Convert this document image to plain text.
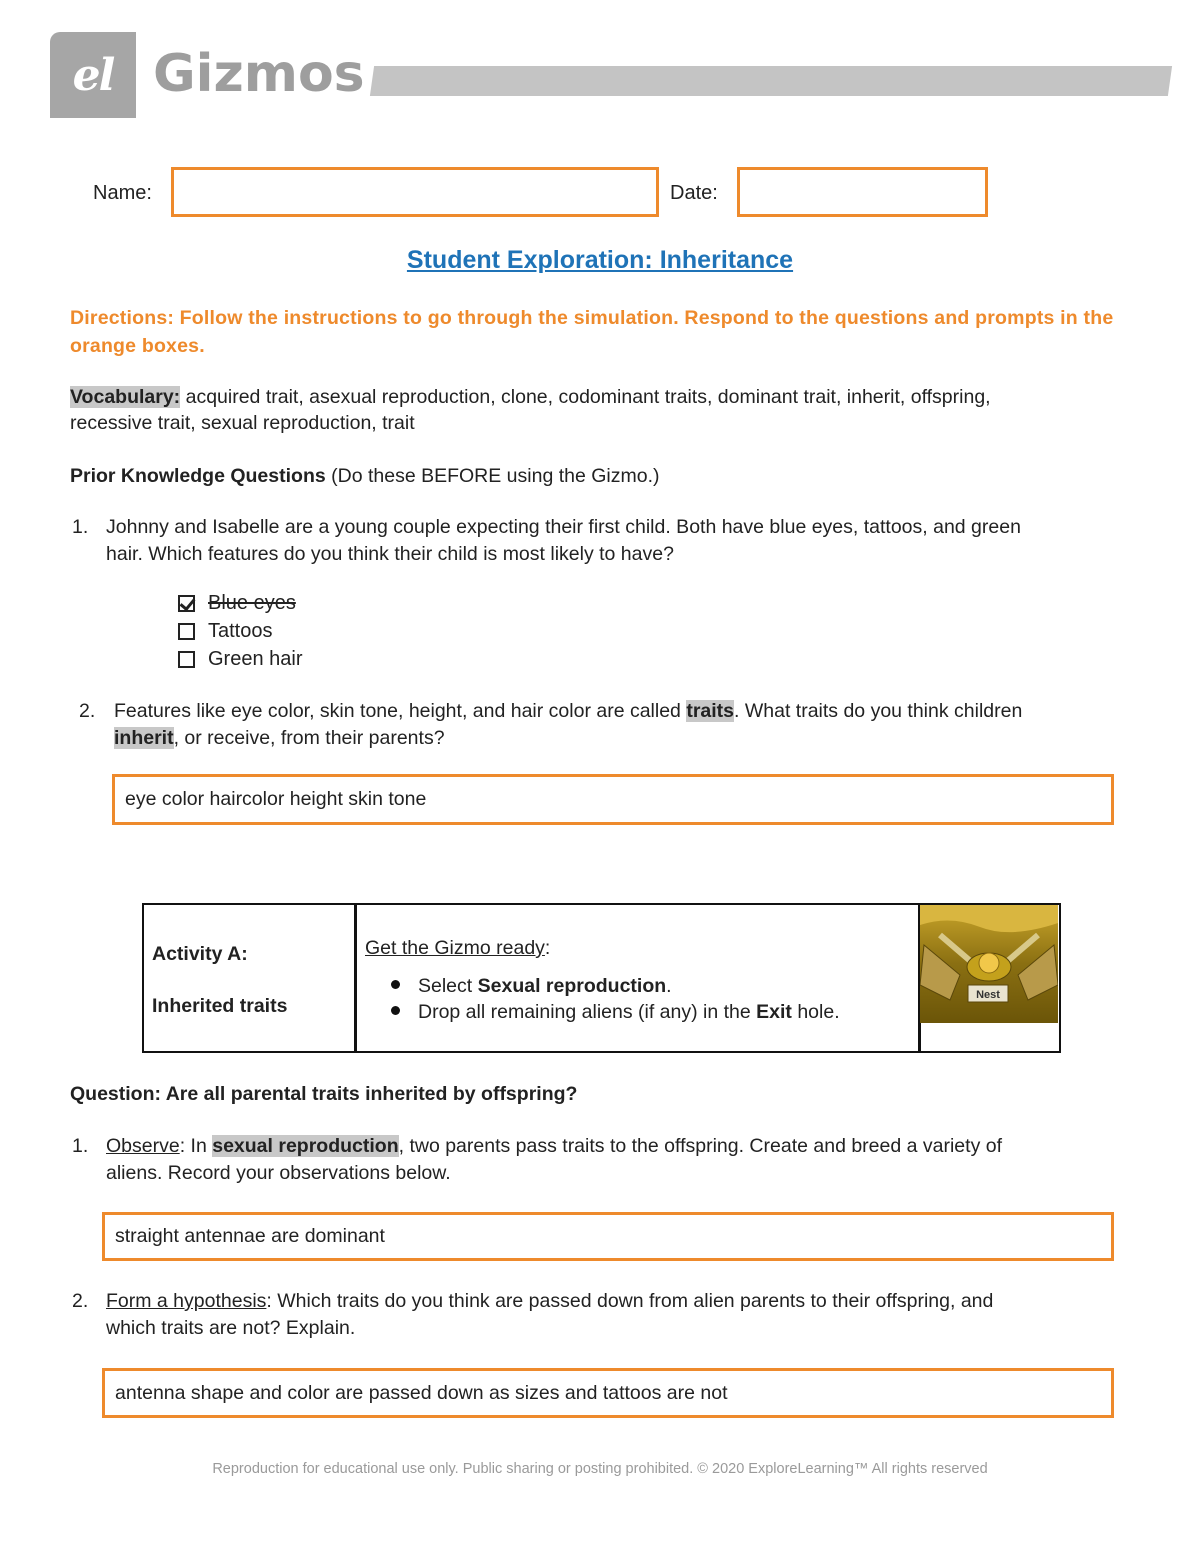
el Gizmos
Name:	Date:
Student Exploration: Inheritance
Directions: Follow the instructions to go through the simulation. Respond to the questions and prompts in the orange boxes.
Vocabulary: acquired trait, asexual reproduction, clone, codominant traits, dominant trait, inherit, offspring,
recessive trait, sexual reproduction, trait
Prior Knowledge Questions (Do these BEFORE using the Gizmo.)
1. Johnny and Isabelle are a young couple expecting their first child. Both have blue eyes, tattoos, and green
hair. Which features do you think their child is most likely to have?
Blue eyes
Tattoos
Green hair
2. Features like eye color, skin tone, height, and hair color are called traits. What traits do you think children
inherit, or receive, from their parents?
eye color haircolor height skin tone
Activity A:
Inherited traits
Get the Gizmo ready:
Select Sexual reproduction.
Drop all remaining aliens (if any) in the Exit hole.
Nest
Question: Are all parental traits inherited by offspring?
1. Observe: In sexual reproduction, two parents pass traits to the offspring. Create and breed a variety of
aliens. Record your observations below.
straight antennae are dominant
2. Form a hypothesis: Which traits do you think are passed down from alien parents to their offspring, and
which traits are not? Explain.
antenna shape and color are passed down as sizes and tattoos are not
Reproduction for educational use only. Public sharing or posting prohibited. © 2020 ExploreLearning™ All rights reserved
